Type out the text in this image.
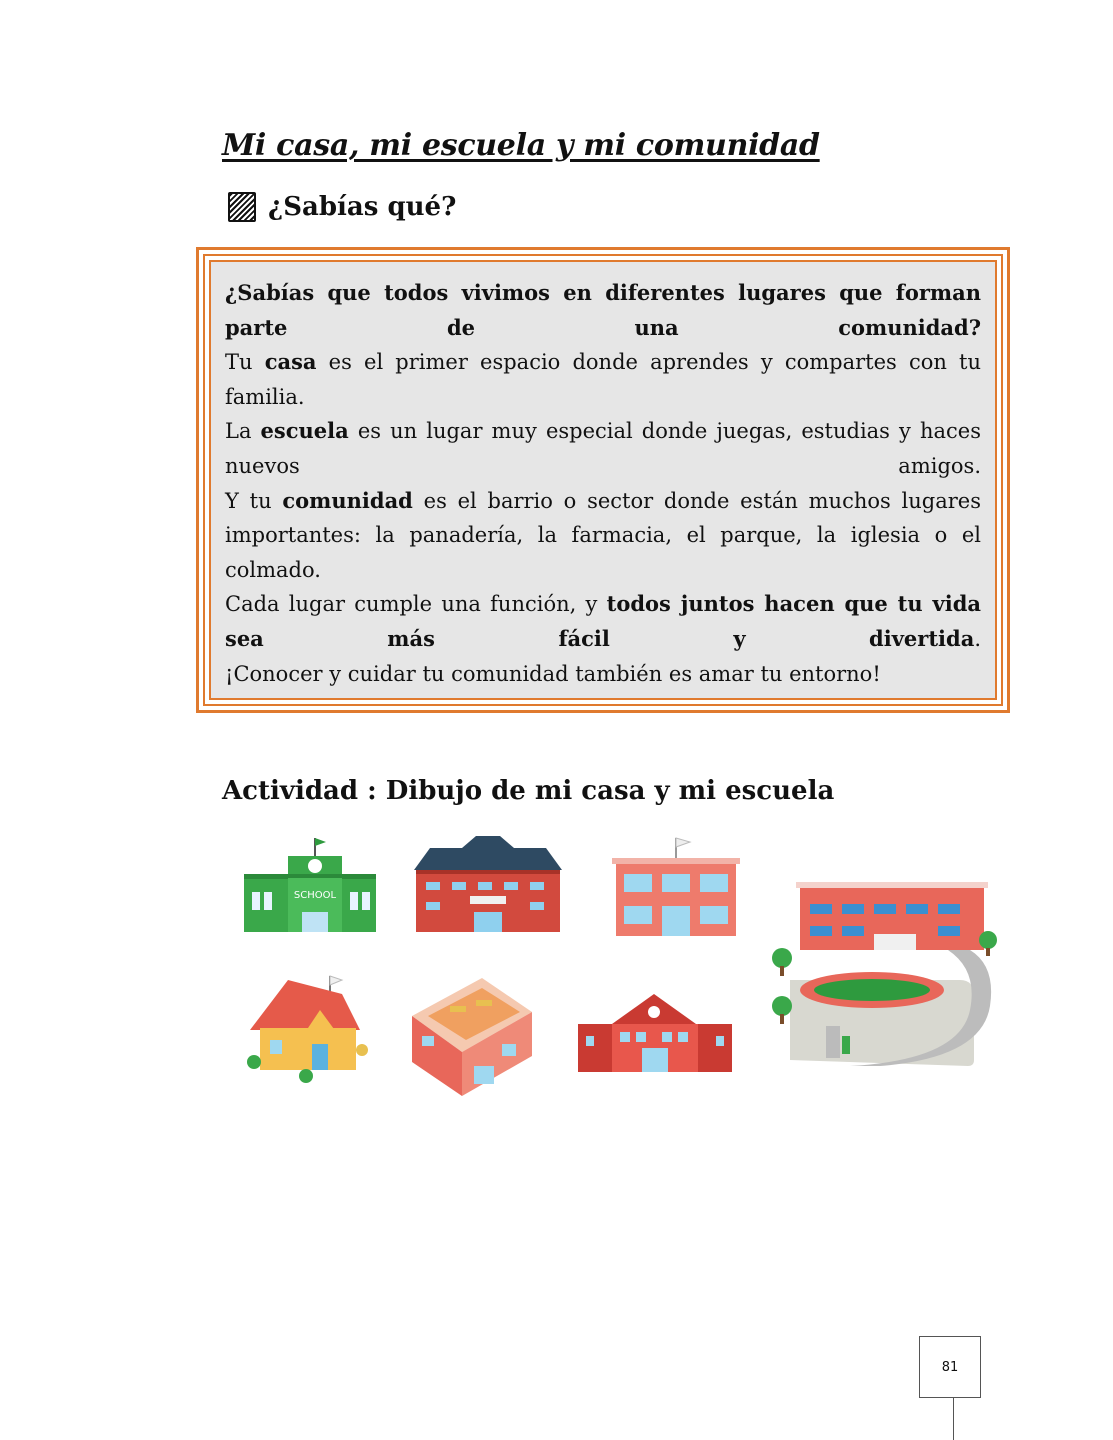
Mi casa, mi escuela y mi comunidad
¿Sabías qué?

¿Sabías que todos vivimos en diferentes lugares que forman parte de una comunidad?

Tu casa es el primer espacio donde aprendes y compartes con tu familia.

La escuela es un lugar muy especial donde juegas, estudias y haces nuevos amigos.

Y tu comunidad es el barrio o sector donde están muchos lugares importantes: la panadería, la farmacia, el parque, la iglesia o el colmado.

Cada lugar cumple una función, y todos juntos hacen que tu vida sea más fácil y divertida.

¡Conocer y cuidar tu comunidad también es amar tu entorno!

Actividad : Dibujo de mi casa y mi escuela
SCHOOL
81
